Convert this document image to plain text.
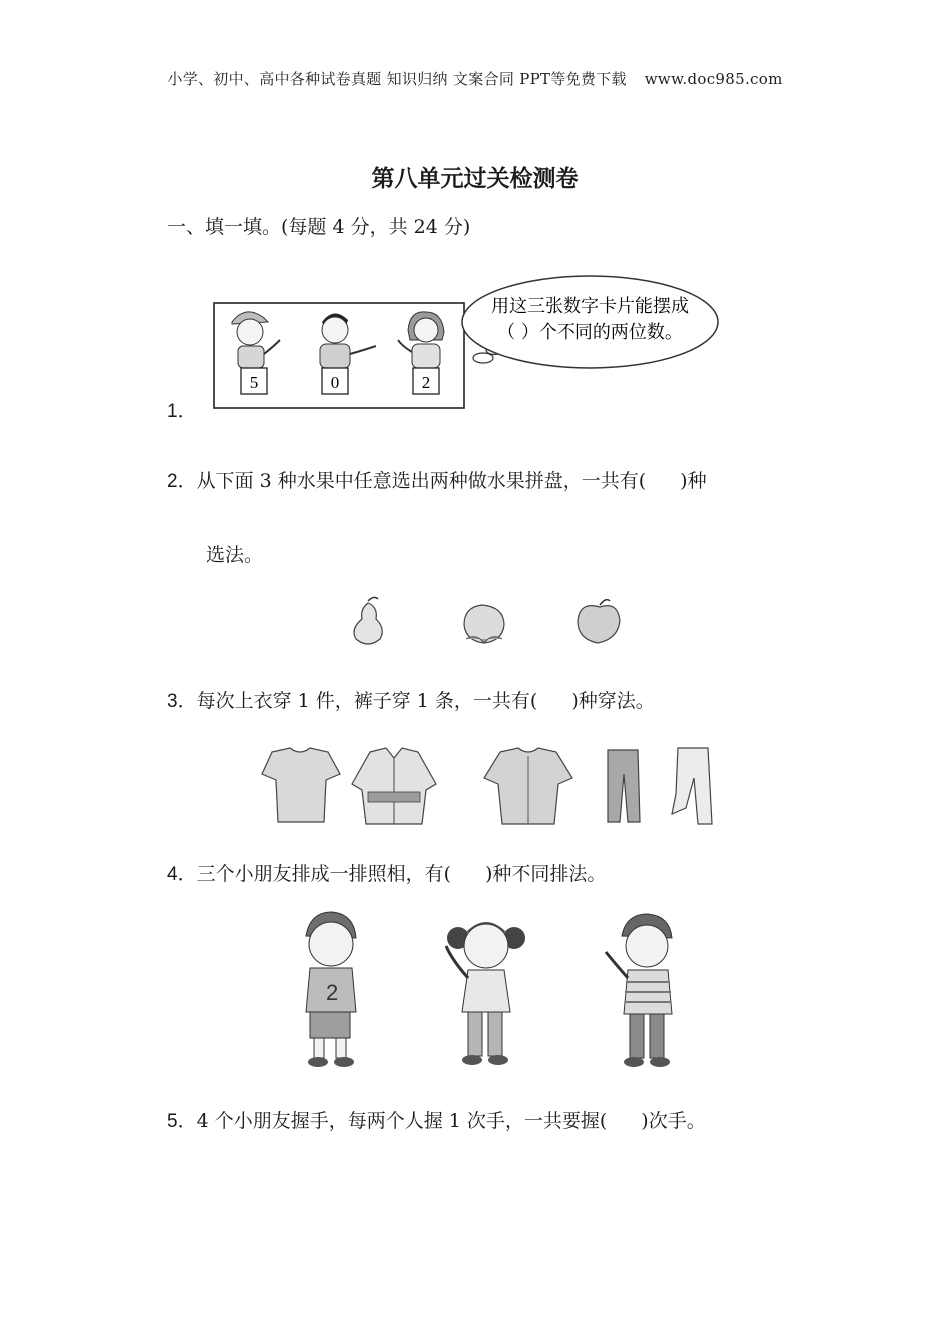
小学、初中、高中各种试卷真题 知识归纳 文案合同 PPT等免费下载 www.doc985.com
第八单元过关检测卷
一、填一填。(每题 4 分，共 24 分)
1．
5	0	2
用这三张数字卡片能摆成
（ ）个不同的两位数。
2．从下面 3 种水果中任意选出两种做水果拼盘，一共有( )种
选法。
3．每次上衣穿 1 件，裤子穿 1 条，一共有( )种穿法。
4．三个小朋友排成一排照相，有( )种不同排法。
2
5．4 个小朋友握手，每两个人握 1 次手，一共要握( )次手。
